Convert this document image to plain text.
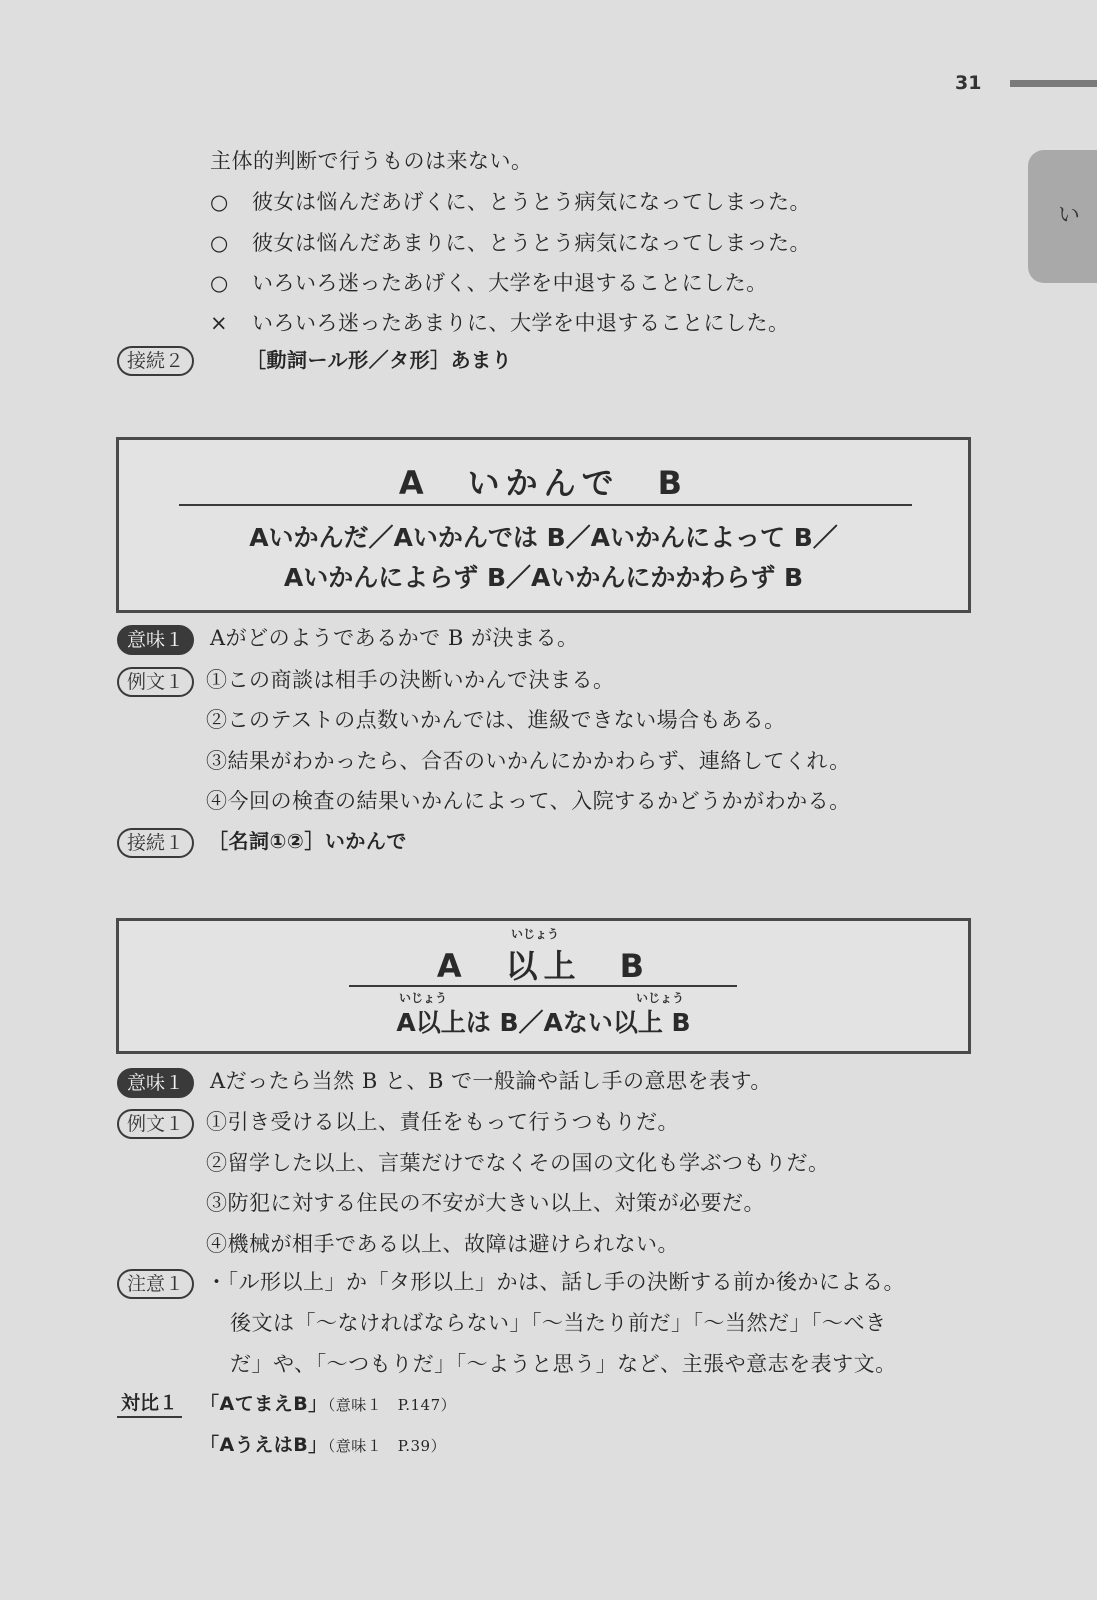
31
い
主体的判断で行うものは来ない。
○ 彼女は悩んだあげくに、とうとう病気になってしまった。
○ 彼女は悩んだあまりに、とうとう病気になってしまった。
○ いろいろ迷ったあげく、大学を中退することにした。
× いろいろ迷ったあまりに、大学を中退することにした。
接続２	［動詞ール形／タ形］あまり
A　いかんで　B
Aいかんだ／Aいかんでは B／Aいかんによって B／
Aいかんによらず B／Aいかんにかかわらず B
意味１	Aがどのようであるかで B が決まる。
例文１	①この商談は相手の決断いかんで決まる。
②このテストの点数いかんでは、進級できない場合もある。
③結果がわかったら、合否のいかんにかかわらず、連絡してくれ。
④今回の検査の結果いかんによって、入院するかどうかがわかる。
接続１	［名詞①②］いかんで
いじょう
A　以上　B
いじょう	いじょう
A以上は B／Aない以上 B
意味１	Aだったら当然 B と、B で一般論や話し手の意思を表す。
例文１	①引き受ける以上、責任をもって行うつもりだ。
②留学した以上、言葉だけでなくその国の文化も学ぶつもりだ。
③防犯に対する住民の不安が大きい以上、対策が必要だ。
④機械が相手である以上、故障は避けられない。
注意１	・「ル形以上」か「タ形以上」かは、話し手の決断する前か後かによる。
後文は「〜なければならない」「〜当たり前だ」「〜当然だ」「〜べき
だ」や、「〜つもりだ」「〜ようと思う」など、主張や意志を表す文。
対比１ 「AてまえB」（意味１　P.147）
「AうえはB」（意味１　P.39）
